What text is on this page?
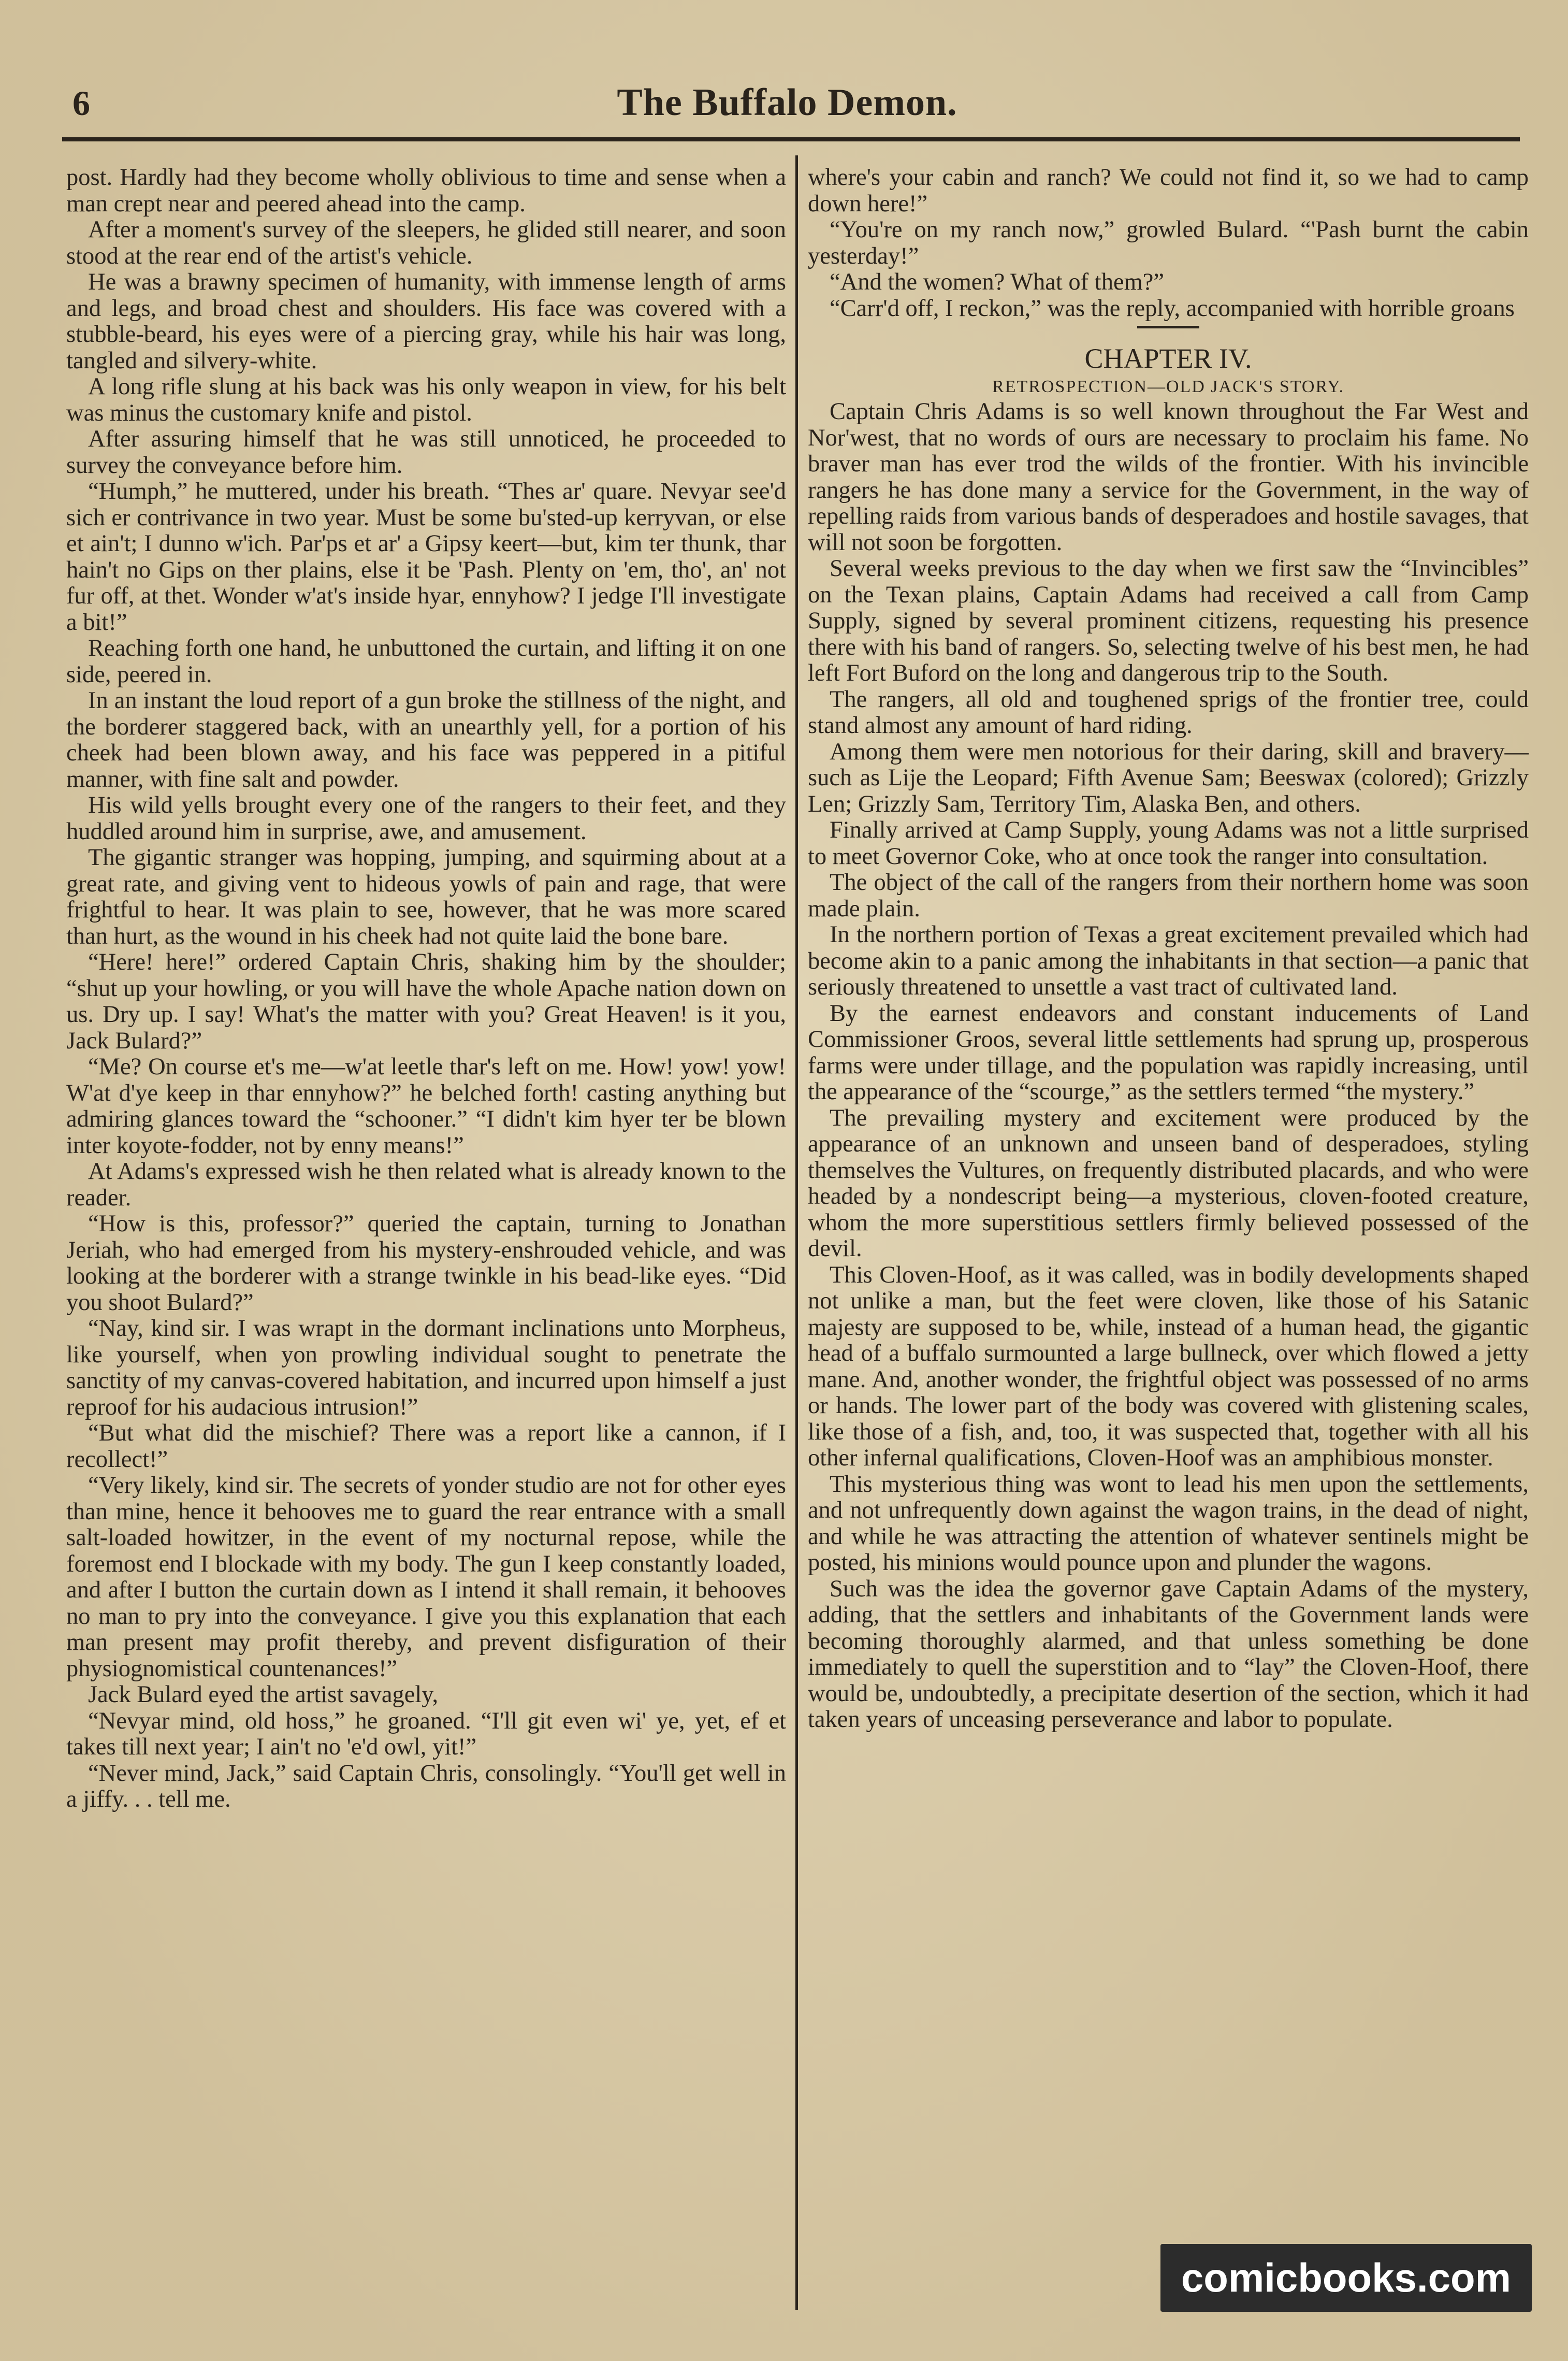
6	The Buffalo Demon.

post. Hardly had they become wholly oblivious to time and sense when a man crept near and peered ahead into the camp.

After a moment's survey of the sleepers, he glided still nearer, and soon stood at the rear end of the artist's vehicle.

He was a brawny specimen of humanity, with immense length of arms and legs, and broad chest and shoulders. His face was covered with a stubble-beard, his eyes were of a piercing gray, while his hair was long, tangled and silvery-white.

A long rifle slung at his back was his only weapon in view, for his belt was minus the customary knife and pistol.

After assuring himself that he was still unnoticed, he proceeded to survey the conveyance before him.

“Humph,” he muttered, under his breath. “Thes ar' quare. Nevyar see'd sich er contrivance in two year. Must be some bu'sted-up kerryvan, or else et ain't; I dunno w'ich. Par'ps et ar' a Gipsy keert—but, kim ter thunk, thar hain't no Gips on ther plains, else it be 'Pash. Plenty on 'em, tho', an' not fur off, at thet. Wonder w'at's inside hyar, ennyhow? I jedge I'll investigate a bit!”

Reaching forth one hand, he unbuttoned the curtain, and lifting it on one side, peered in.

In an instant the loud report of a gun broke the stillness of the night, and the borderer staggered back, with an unearthly yell, for a portion of his cheek had been blown away, and his face was peppered in a pitiful manner, with fine salt and powder.

His wild yells brought every one of the rangers to their feet, and they huddled around him in surprise, awe, and amusement.

The gigantic stranger was hopping, jumping, and squirming about at a great rate, and giving vent to hideous yowls of pain and rage, that were frightful to hear. It was plain to see, however, that he was more scared than hurt, as the wound in his cheek had not quite laid the bone bare.

“Here! here!” ordered Captain Chris, shaking him by the shoulder; “shut up your howling, or you will have the whole Apache nation down on us. Dry up. I say! What's the matter with you? Great Heaven! is it you, Jack Bulard?”

“Me? On course et's me—w'at leetle thar's left on me. How! yow! yow! W'at d'ye keep in thar ennyhow?” he belched forth! casting anything but admiring glances toward the “schooner.” “I didn't kim hyer ter be blown inter koyote-fodder, not by enny means!”

At Adams's expressed wish he then related what is already known to the reader.

“How is this, professor?” queried the captain, turning to Jonathan Jeriah, who had emerged from his mystery-enshrouded vehicle, and was looking at the borderer with a strange twinkle in his bead-like eyes. “Did you shoot Bulard?”

“Nay, kind sir. I was wrapt in the dormant inclinations unto Morpheus, like yourself, when yon prowling individual sought to penetrate the sanctity of my canvas-covered habitation, and incurred upon himself a just reproof for his audacious intrusion!”

“But what did the mischief? There was a report like a cannon, if I recollect!”

“Very likely, kind sir. The secrets of yonder studio are not for other eyes than mine, hence it behooves me to guard the rear entrance with a small salt-loaded howitzer, in the event of my nocturnal repose, while the foremost end I blockade with my body. The gun I keep constantly loaded, and after I button the curtain down as I intend it shall remain, it behooves no man to pry into the conveyance. I give you this explanation that each man present may profit thereby, and prevent disfiguration of their physiognomistical countenances!”

Jack Bulard eyed the artist savagely,

“Nevyar mind, old hoss,” he groaned. “I'll git even wi' ye, yet, ef et takes till next year; I ain't no 'e'd owl, yit!”

“Never mind, Jack,” said Captain Chris, consolingly. “You'll get well in a jiffy. . . tell me.

where's your cabin and ranch? We could not find it, so we had to camp down here!”

“You're on my ranch now,” growled Bulard. “'Pash burnt the cabin yesterday!”

“And the women? What of them?”

“Carr'd off, I reckon,” was the reply, accompanied with horrible groans

CHAPTER IV.
RETROSPECTION—OLD JACK'S STORY.

Captain Chris Adams is so well known throughout the Far West and Nor'west, that no words of ours are necessary to proclaim his fame. No braver man has ever trod the wilds of the frontier. With his invincible rangers he has done many a service for the Government, in the way of repelling raids from various bands of desperadoes and hostile savages, that will not soon be forgotten.

Several weeks previous to the day when we first saw the “Invincibles” on the Texan plains, Captain Adams had received a call from Camp Supply, signed by several prominent citizens, requesting his presence there with his band of rangers. So, selecting twelve of his best men, he had left Fort Buford on the long and dangerous trip to the South.

The rangers, all old and toughened sprigs of the frontier tree, could stand almost any amount of hard riding.

Among them were men notorious for their daring, skill and bravery—such as Lije the Leopard; Fifth Avenue Sam; Beeswax (colored); Grizzly Len; Grizzly Sam, Territory Tim, Alaska Ben, and others.

Finally arrived at Camp Supply, young Adams was not a little surprised to meet Governor Coke, who at once took the ranger into consultation.

The object of the call of the rangers from their northern home was soon made plain.

In the northern portion of Texas a great excitement prevailed which had become akin to a panic among the inhabitants in that section—a panic that seriously threatened to unsettle a vast tract of cultivated land.

By the earnest endeavors and constant inducements of Land Commissioner Groos, several little settlements had sprung up, prosperous farms were under tillage, and the population was rapidly increasing, until the appearance of the “scourge,” as the settlers termed “the mystery.”

The prevailing mystery and excitement were produced by the appearance of an unknown and unseen band of desperadoes, styling themselves the Vultures, on frequently distributed placards, and who were headed by a nondescript being—a mysterious, cloven-footed creature, whom the more superstitious settlers firmly believed possessed of the devil.

This Cloven-Hoof, as it was called, was in bodily developments shaped not unlike a man, but the feet were cloven, like those of his Satanic majesty are supposed to be, while, instead of a human head, the gigantic head of a buffalo surmounted a large bullneck, over which flowed a jetty mane. And, another wonder, the frightful object was possessed of no arms or hands. The lower part of the body was covered with glistening scales, like those of a fish, and, too, it was suspected that, together with all his other infernal qualifications, Cloven-Hoof was an amphibious monster.

This mysterious thing was wont to lead his men upon the settlements, and not unfrequently down against the wagon trains, in the dead of night, and while he was attracting the attention of whatever sentinels might be posted, his minions would pounce upon and plunder the wagons.

Such was the idea the governor gave Captain Adams of the mystery, adding, that the settlers and inhabitants of the Government lands were becoming thoroughly alarmed, and that unless something be done immediately to quell the superstition and to “lay” the Cloven-Hoof, there would be, undoubtedly, a precipitate desertion of the section, which it had taken years of unceasing perseverance and labor to populate.

comicbooks.com
